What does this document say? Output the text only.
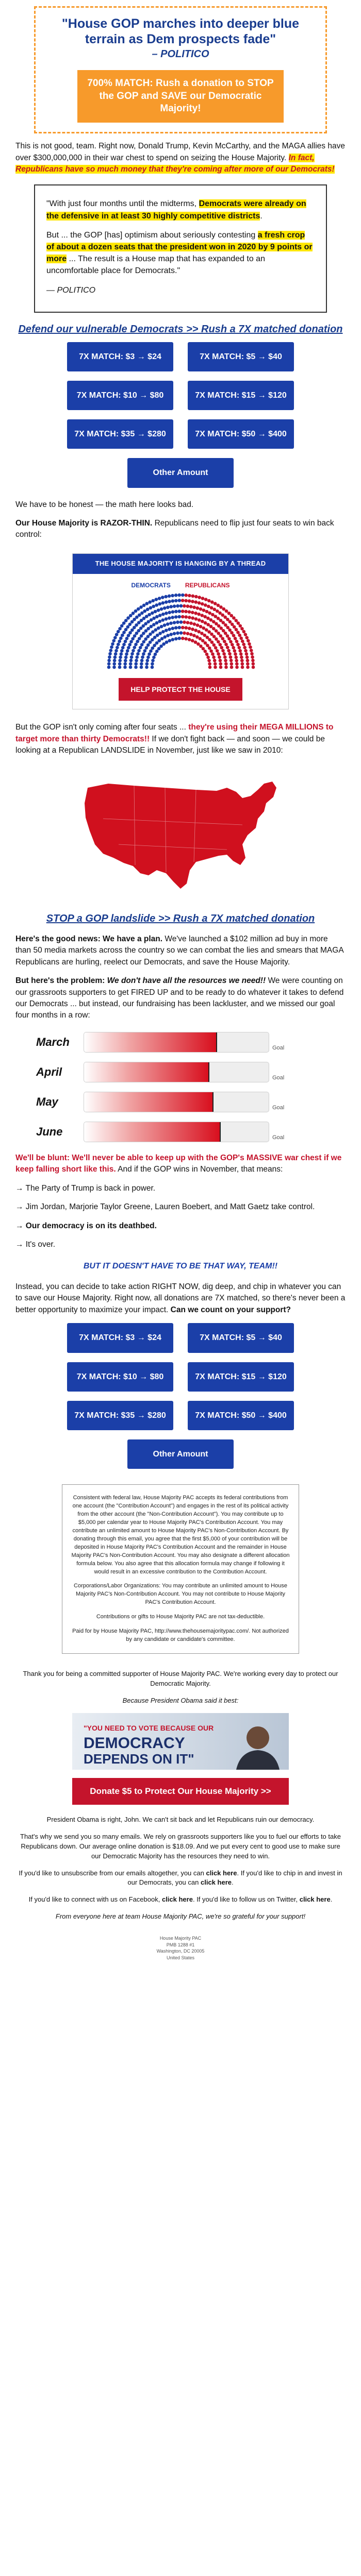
"House GOP marches into deeper blue terrain as Dem prospects fade"
– POLITICO
700% MATCH: Rush a donation to STOP the GOP and SAVE our Democratic Majority!

This is not good, team. Right now, Donald Trump, Kevin McCarthy, and the MAGA allies have over $300,000,000 in their war chest to spend on seizing the House Majority. In fact, Republicans have so much money that they're coming after more of our Democrats!

"With just four months until the midterms, Democrats were already on the defensive in at least 30 highly competitive districts.

But ... the GOP [has] optimism about seriously contesting a fresh crop of about a dozen seats that the president won in 2020 by 9 points or more ... The result is a House map that has expanded to an uncomfortable place for Democrats."

— POLITICO

Defend our vulnerable Democrats >> Rush a 7X matched donation
7X MATCH: $3 → $24	7X MATCH: $5 → $40
7X MATCH: $10 → $80	7X MATCH: $15 → $120
7X MATCH: $35 → $280	7X MATCH: $50 → $400
Other Amount

We have to be honest — the math here looks bad.

Our House Majority is RAZOR-THIN. Republicans need to flip just four seats to win back control:

THE HOUSE MAJORITY IS HANGING BY A THREAD
DEMOCRATS REPUBLICANS
HELP PROTECT THE HOUSE

But the GOP isn't only coming after four seats ... they're using their MEGA MILLIONS to target more than thirty Democrats!! If we don't fight back — and soon — we could be looking at a Republican LANDSLIDE in November, just like we saw in 2010:

STOP a GOP landslide >> Rush a 7X matched donation

Here's the good news: We have a plan. We've launched a $102 million ad buy in more than 50 media markets across the country so we can combat the lies and smears that MAGA Republicans are hurling, reelect our Democrats, and save the House Majority.

But here's the problem: We don't have all the resources we need!! We were counting on our grassroots supporters to get FIRED UP and to be ready to do whatever it takes to defend our Democrats ... but instead, our fundraising has been lackluster, and we missed our goal four months in a row:

March	Goal
April	Goal
May	Goal
June	Goal

We'll be blunt: We'll never be able to keep up with the GOP's MASSIVE war chest if we keep falling short like this. And if the GOP wins in November, that means:

→ The Party of Trump is back in power.

→ Jim Jordan, Marjorie Taylor Greene, Lauren Boebert, and Matt Gaetz take control.

→ Our democracy is on its deathbed.

→ It's over.

BUT IT DOESN'T HAVE TO BE THAT WAY, TEAM!!

Instead, you can decide to take action RIGHT NOW, dig deep, and chip in whatever you can to save our House Majority. Right now, all donations are 7X matched, so there's never been a better opportunity to maximize your impact. Can we count on your support?

7X MATCH: $3 → $24	7X MATCH: $5 → $40
7X MATCH: $10 → $80	7X MATCH: $15 → $120
7X MATCH: $35 → $280	7X MATCH: $50 → $400
Other Amount

Consistent with federal law, House Majority PAC accepts its federal contributions from one account (the "Contribution Account") and engages in the rest of its political activity from the other account (the "Non-Contribution Account"). You may contribute up to $5,000 per calendar year to House Majority PAC's Contribution Account. You may contribute an unlimited amount to House Majority PAC's Non-Contribution Account. By donating through this email, you agree that the first $5,000 of your contribution will be deposited in House Majority PAC's Contribution Account and the remainder in House Majority PAC's Non-Contribution Account. You may also designate a different allocation formula below. You also agree that this allocation formula may change if following it would result in an excessive contribution to the Contribution Account.

Corporations/Labor Organizations: You may contribute an unlimited amount to House Majority PAC's Non-Contribution Account. You may not contribute to House Majority PAC's Contribution Account.

Contributions or gifts to House Majority PAC are not tax-deductible.

Paid for by House Majority PAC, http://www.thehousemajoritypac.com/. Not authorized by any candidate or candidate's committee.

Thank you for being a committed supporter of House Majority PAC. We're working every day to protect our Democratic Majority.

Because President Obama said it best:

"YOU NEED TO VOTE BECAUSE OUR
DEMOCRACY
DEPENDS ON IT"
Donate $5 to Protect Our House Majority >>

President Obama is right, John. We can't sit back and let Republicans ruin our democracy.

That's why we send you so many emails. We rely on grassroots supporters like you to fuel our efforts to take Republicans down. Our average online donation is $18.09. And we put every cent to good use to make sure our Democratic Majority has the resources they need to win.

If you'd like to unsubscribe from our emails altogether, you can click here. If you'd like to chip in and invest in our Democrats, you can click here.

If you'd like to connect with us on Facebook, click here. If you'd like to follow us on Twitter, click here.

From everyone here at team House Majority PAC, we're so grateful for your support!

House Majority PAC
PMB 1288 #1
Washington, DC 20005
United States
